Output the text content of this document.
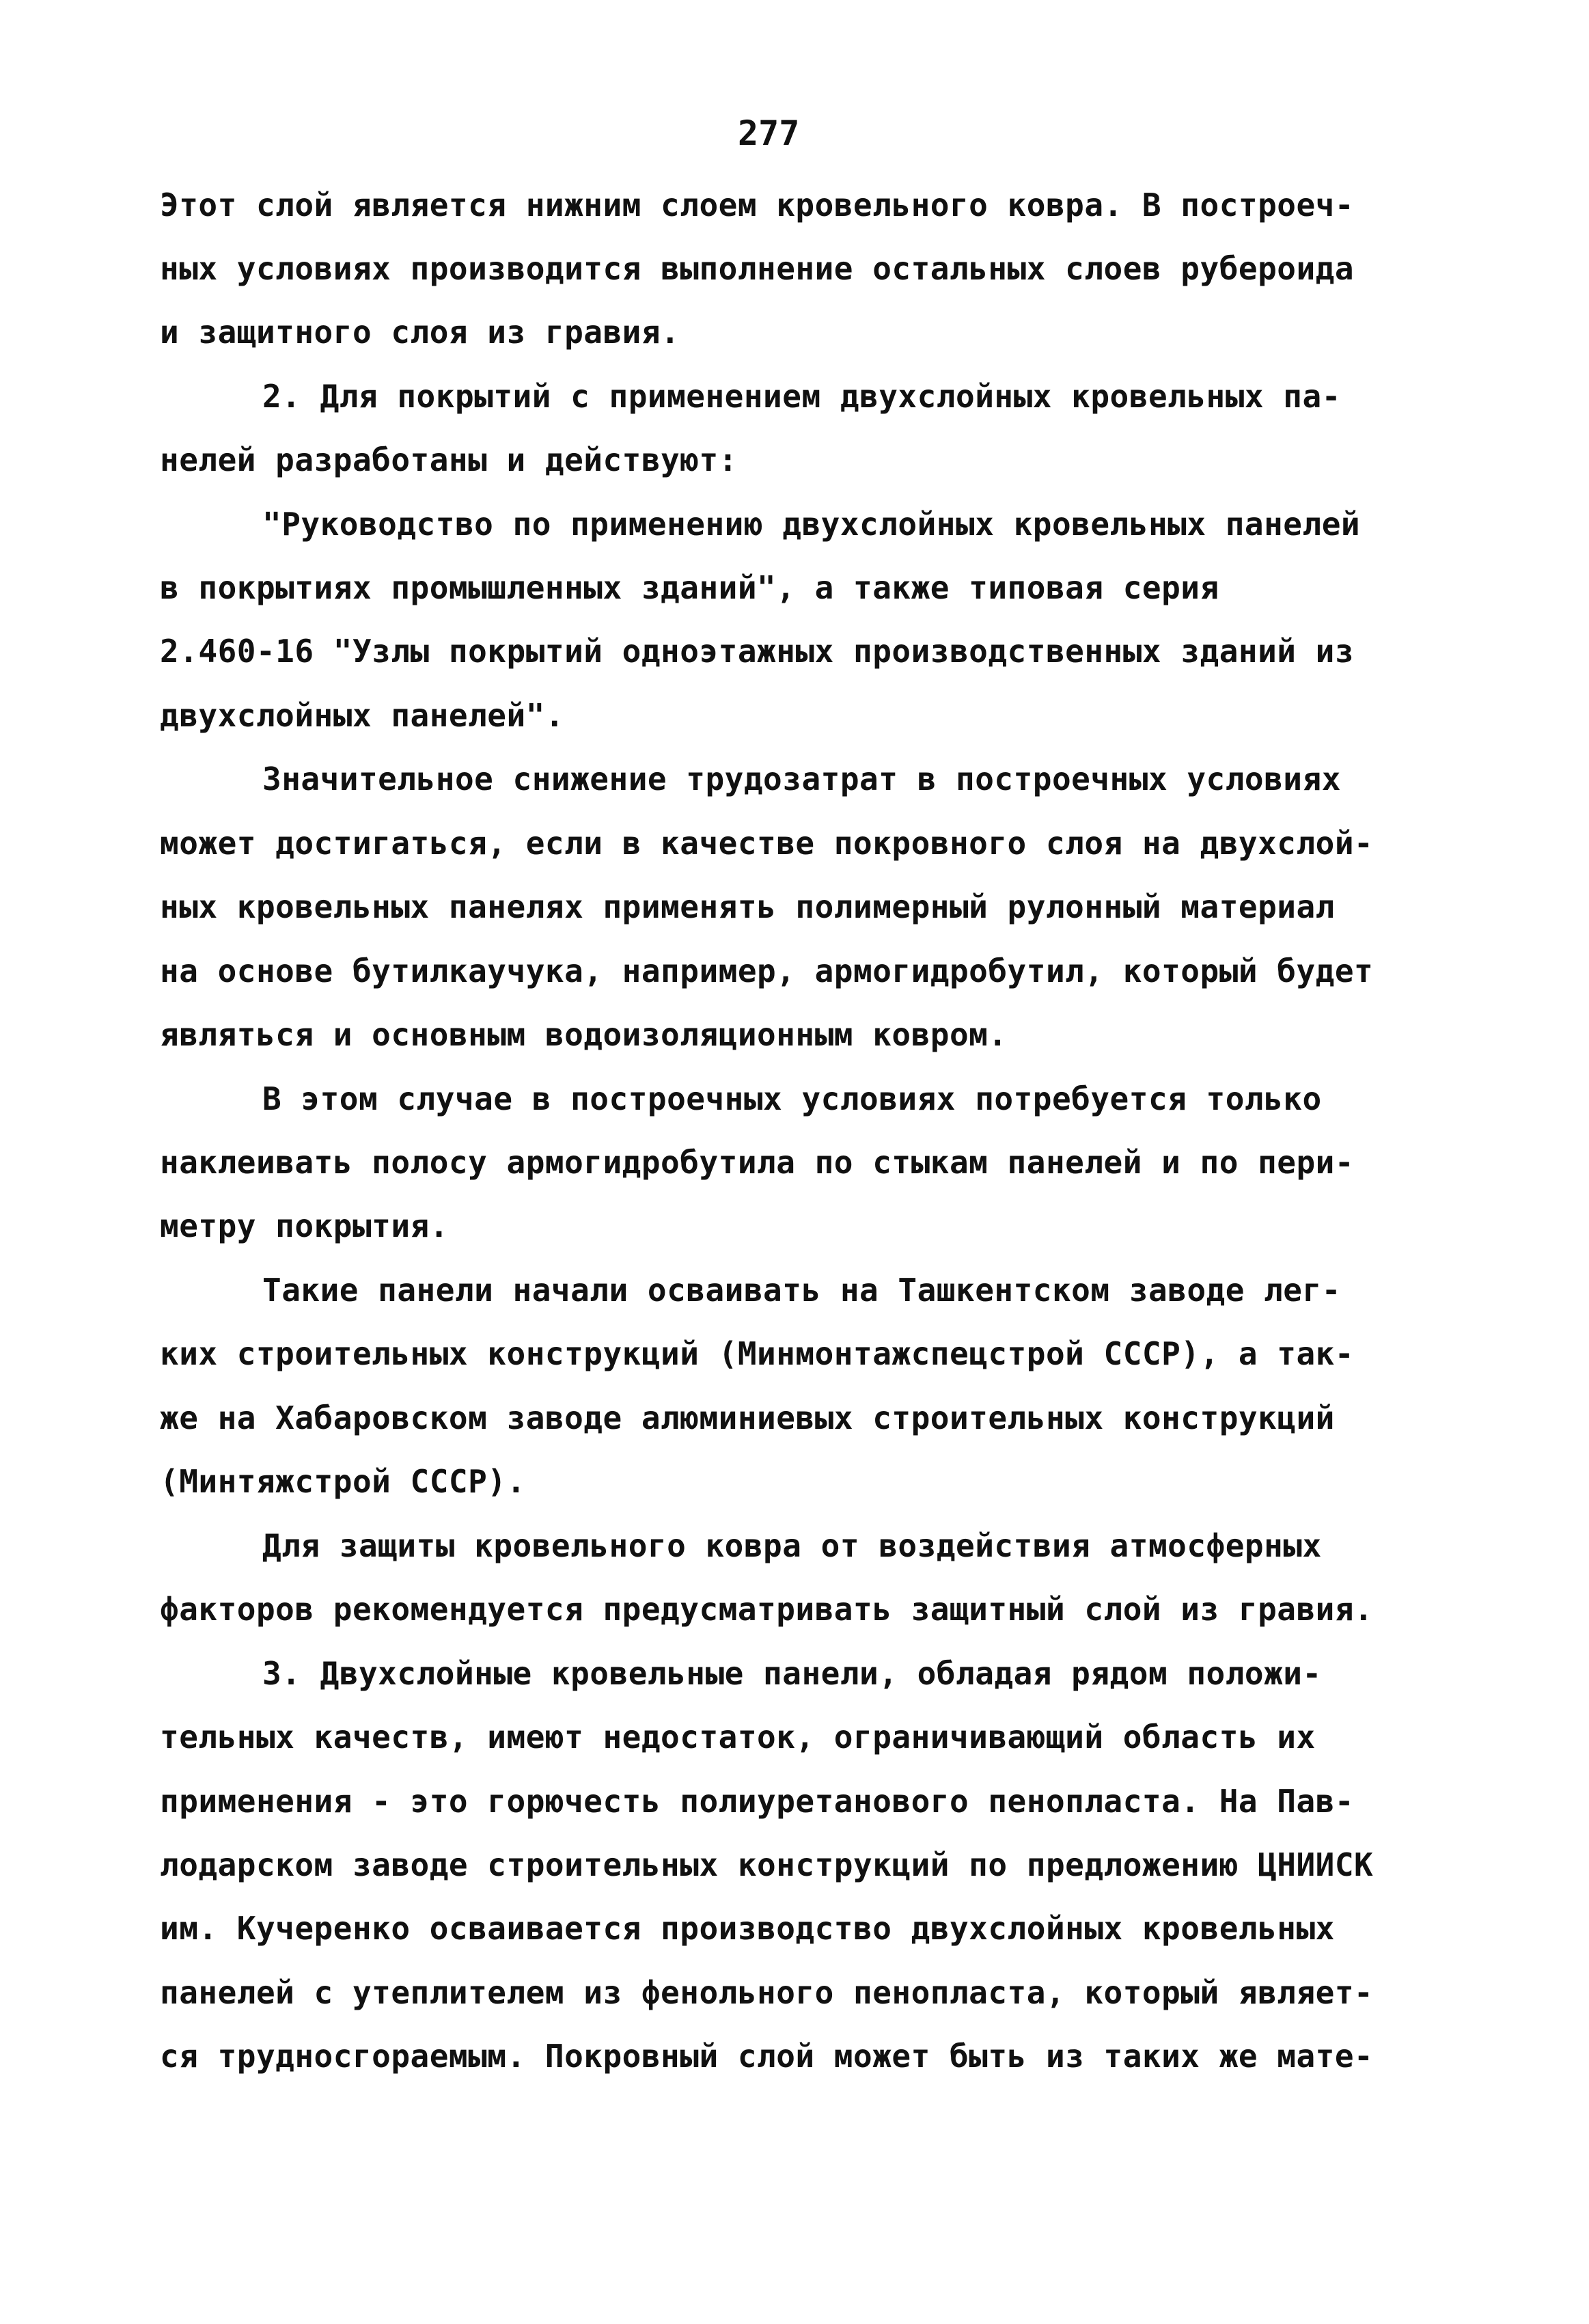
277
Этот слой является нижним слоем кровельного ковра. В построеч-
ных условиях производится выполнение остальных слоев рубероида
и защитного слоя из гравия.
2. Для покрытий с применением двухслойных кровельных па-
нелей разработаны и действуют:
"Руководство по применению двухслойных кровельных панелей
в покрытиях промышленных зданий", а также типовая серия
2.460-16 "Узлы покрытий одноэтажных производственных зданий из
двухслойных панелей".
Значительное снижение трудозатрат в построечных условиях
может достигаться, если в качестве покровного слоя на двухслой-
ных кровельных панелях применять полимерный рулонный материал
на основе бутилкаучука, например, армогидробутил, который будет
являться и основным водоизоляционным ковром.
В этом случае в построечных условиях потребуется только
наклеивать полосу армогидробутила по стыкам панелей и по пери-
метру покрытия.
Такие панели начали осваивать на Ташкентском заводе лег-
ких строительных конструкций (Минмонтажспецстрой СССР), а так-
же на Хабаровском заводе алюминиевых строительных конструкций
(Минтяжстрой СССР).
Для защиты кровельного ковра от воздействия атмосферных
факторов рекомендуется предусматривать защитный слой из гравия.
3. Двухслойные кровельные панели, обладая рядом положи-
тельных качеств, имеют недостаток, ограничивающий область их
применения - это горючесть полиуретанового пенопласта. На Пав-
лодарском заводе строительных конструкций по предложению ЦНИИСК
им. Кучеренко осваивается производство двухслойных кровельных
панелей с утеплителем из фенольного пенопласта, который являет-
ся трудносгораемым. Покровный слой может быть из таких же мате-
